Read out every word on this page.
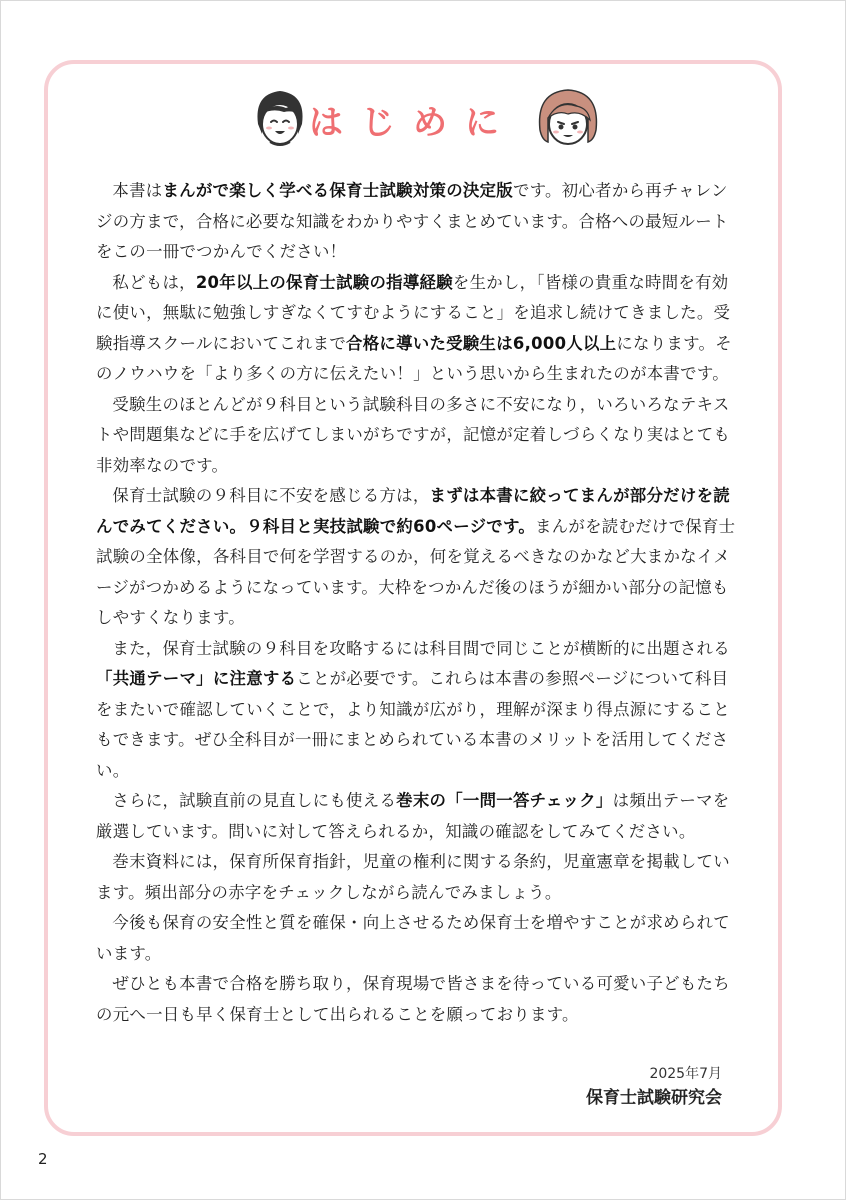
はじめに

本書はまんがで楽しく学べる保育士試験対策の決定版です。初心者から再チャレンジの方まで，合格に必要な知識をわかりやすくまとめています。合格への最短ルートをこの一冊でつかんでください！

私どもは，20年以上の保育士試験の指導経験を生かし，「皆様の貴重な時間を有効に使い，無駄に勉強しすぎなくてすむようにすること」を追求し続けてきました。受験指導スクールにおいてこれまで合格に導いた受験生は6,000人以上になります。そのノウハウを「より多くの方に伝えたい！」という思いから生まれたのが本書です。

受験生のほとんどが９科目という試験科目の多さに不安になり，いろいろなテキストや問題集などに手を広げてしまいがちですが，記憶が定着しづらくなり実はとても非効率なのです。

保育士試験の９科目に不安を感じる方は，まずは本書に絞ってまんが部分だけを読んでみてください。９科目と実技試験で約60ページです。まんがを読むだけで保育士試験の全体像，各科目で何を学習するのか，何を覚えるべきなのかなど大まかなイメージがつかめるようになっています。大枠をつかんだ後のほうが細かい部分の記憶もしやすくなります。

また，保育士試験の９科目を攻略するには科目間で同じことが横断的に出題される「共通テーマ」に注意することが必要です。これらは本書の参照ページについて科目をまたいで確認していくことで，より知識が広がり，理解が深まり得点源にすることもできます。ぜひ全科目が一冊にまとめられている本書のメリットを活用してください。

さらに，試験直前の見直しにも使える巻末の「一問一答チェック」は頻出テーマを厳選しています。問いに対して答えられるか，知識の確認をしてみてください。

巻末資料には，保育所保育指針，児童の権利に関する条約，児童憲章を掲載しています。頻出部分の赤字をチェックしながら読んでみましょう。

今後も保育の安全性と質を確保・向上させるため保育士を増やすことが求められています。

ぜひとも本書で合格を勝ち取り，保育現場で皆さまを待っている可愛い子どもたちの元へ一日も早く保育士として出られることを願っております。

2025年7月
保育士試験研究会
2
